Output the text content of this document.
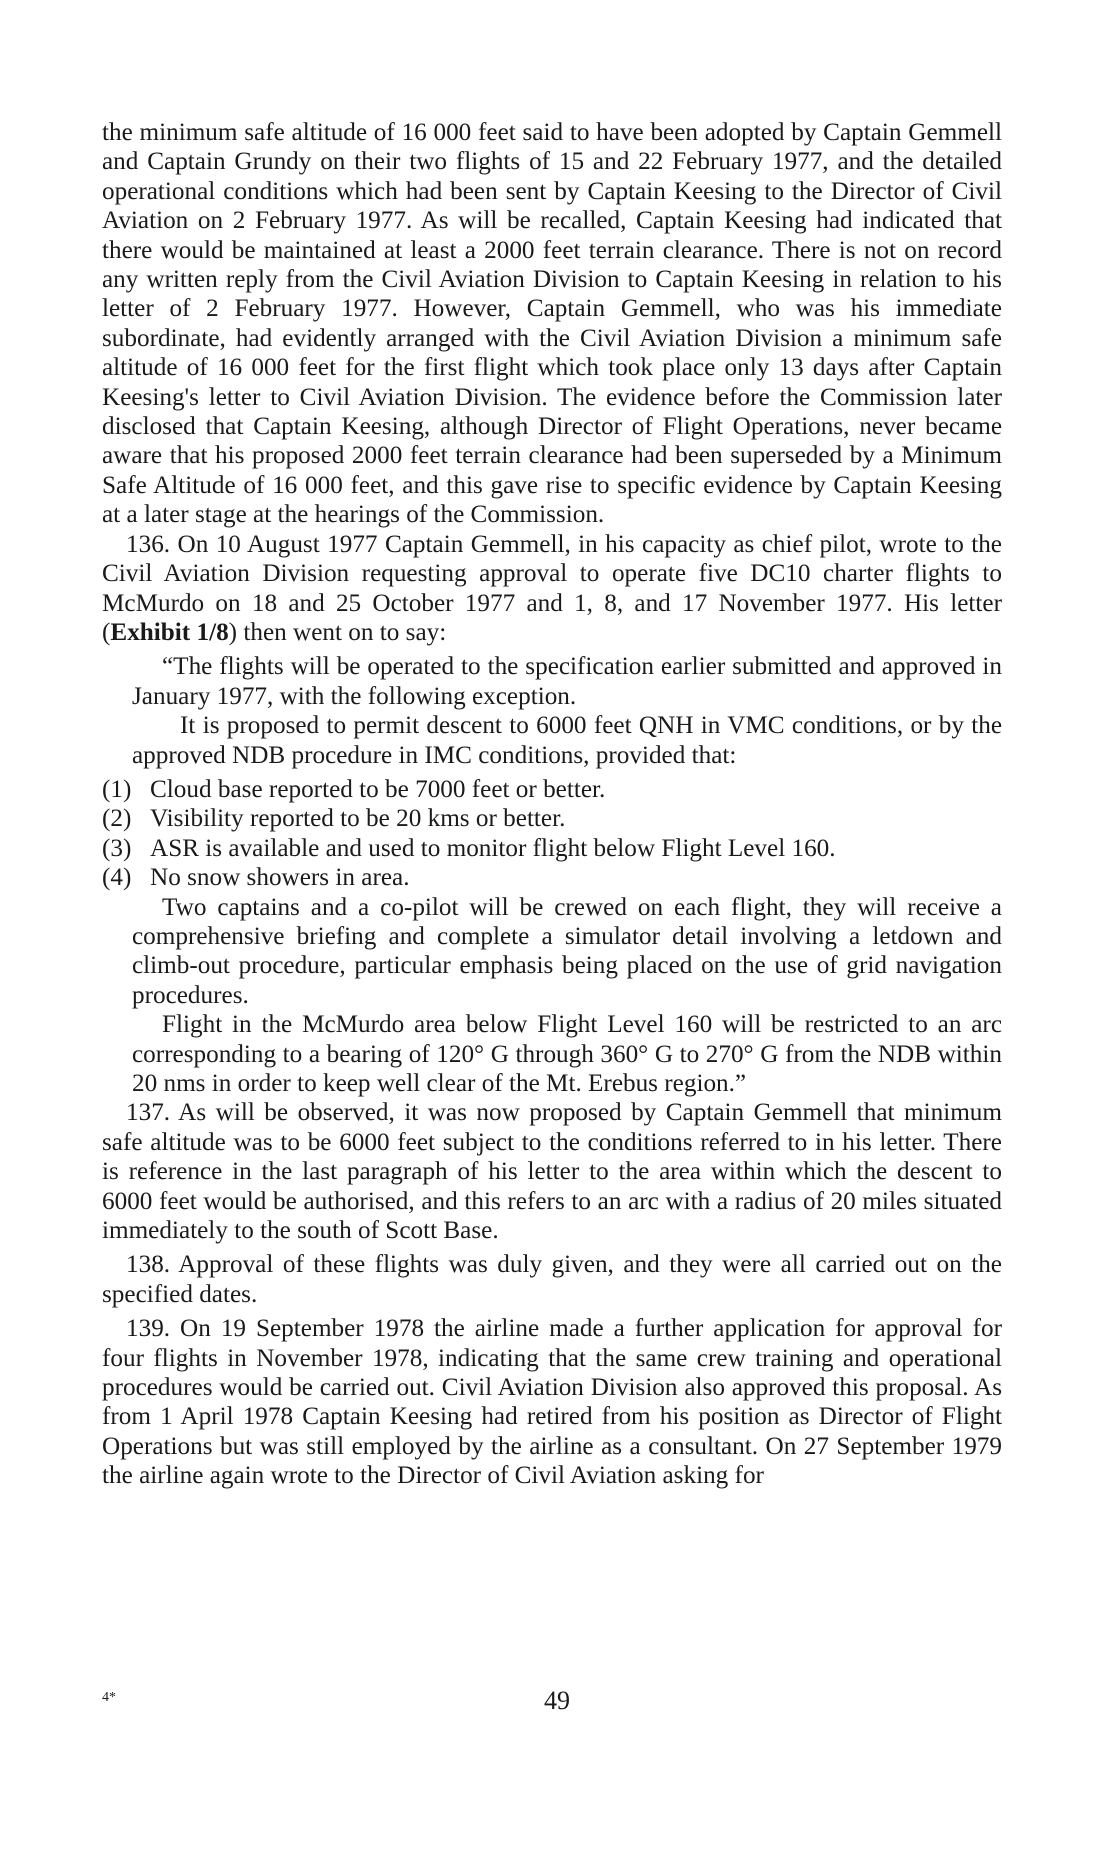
the minimum safe altitude of 16 000 feet said to have been adopted by Captain Gemmell and Captain Grundy on their two flights of 15 and 22 February 1977, and the detailed operational conditions which had been sent by Captain Keesing to the Director of Civil Aviation on 2 February 1977. As will be recalled, Captain Keesing had indicated that there would be maintained at least a 2000 feet terrain clearance. There is not on record any written reply from the Civil Aviation Division to Captain Keesing in relation to his letter of 2 February 1977. However, Captain Gemmell, who was his immediate subordinate, had evidently arranged with the Civil Aviation Division a minimum safe altitude of 16 000 feet for the first flight which took place only 13 days after Captain Keesing's letter to Civil Aviation Division. The evidence before the Commission later disclosed that Captain Keesing, although Director of Flight Operations, never became aware that his proposed 2000 feet terrain clearance had been superseded by a Minimum Safe Altitude of 16 000 feet, and this gave rise to specific evidence by Captain Keesing at a later stage at the hearings of the Commission.

136. On 10 August 1977 Captain Gemmell, in his capacity as chief pilot, wrote to the Civil Aviation Division requesting approval to operate five DC10 charter flights to McMurdo on 18 and 25 October 1977 and 1, 8, and 17 November 1977. His letter (Exhibit 1/8) then went on to say:

“The flights will be operated to the specification earlier submitted and approved in January 1977, with the following exception.

It is proposed to permit descent to 6000 feet QNH in VMC conditions, or by the approved NDB procedure in IMC conditions, provided that:

(1) Cloud base reported to be 7000 feet or better.
(2) Visibility reported to be 20 kms or better.
(3) ASR is available and used to monitor flight below Flight Level 160.
(4) No snow showers in area.

Two captains and a co-pilot will be crewed on each flight, they will receive a comprehensive briefing and complete a simulator detail involving a letdown and climb-out procedure, particular emphasis being placed on the use of grid navigation procedures.

Flight in the McMurdo area below Flight Level 160 will be restricted to an arc corresponding to a bearing of 120° G through 360° G to 270° G from the NDB within 20 nms in order to keep well clear of the Mt. Erebus region.”

137. As will be observed, it was now proposed by Captain Gemmell that minimum safe altitude was to be 6000 feet subject to the conditions referred to in his letter. There is reference in the last paragraph of his letter to the area within which the descent to 6000 feet would be authorised, and this refers to an arc with a radius of 20 miles situated immediately to the south of Scott Base.

138. Approval of these flights was duly given, and they were all carried out on the specified dates.

139. On 19 September 1978 the airline made a further application for approval for four flights in November 1978, indicating that the same crew training and operational procedures would be carried out. Civil Aviation Division also approved this proposal. As from 1 April 1978 Captain Keesing had retired from his position as Director of Flight Operations but was still employed by the airline as a consultant. On 27 September 1979 the airline again wrote to the Director of Civil Aviation asking for

4*	49
